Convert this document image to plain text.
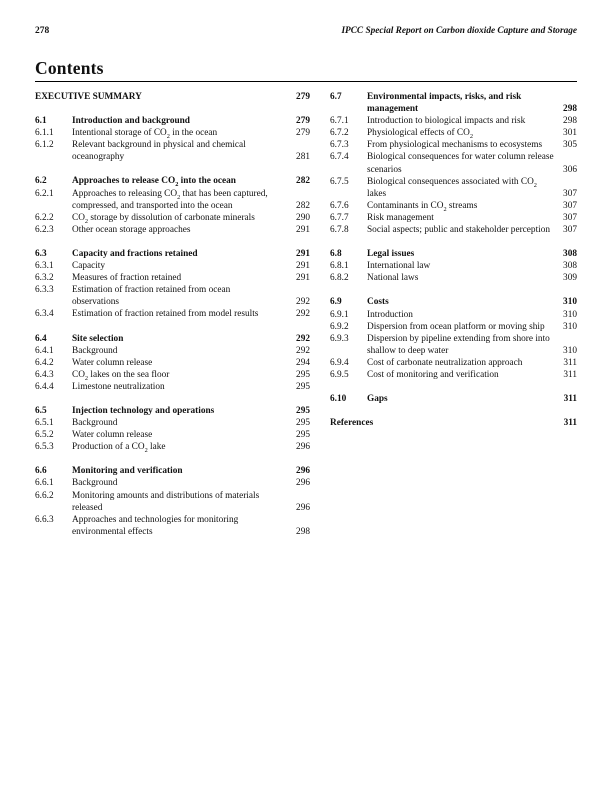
278	IPCC Special Report on Carbon dioxide Capture and Storage
Contents
EXECUTIVE SUMMARY	279
6.1	Introduction and background	279
6.1.1	Intentional storage of $CO_2$ in the ocean	279
6.1.2	Relevant background in physical and chemical
oceanography	281
6.2	Approaches to release $CO_2$ into the ocean	282
6.2.1	Approaches to releasing $CO_2$ that has been captured,
compressed, and transported into the ocean	282
6.2.2	$CO_2$ storage by dissolution of carbonate minerals	290
6.2.3	Other ocean storage approaches	291
6.3	Capacity and fractions retained	291
6.3.1	Capacity	291
6.3.2	Measures of fraction retained	291
6.3.3	Estimation of fraction retained from ocean
observations	292
6.3.4	Estimation of fraction retained from model results	292
6.4	Site selection	292
6.4.1	Background	292
6.4.2	Water column release	294
6.4.3	$CO_2$ lakes on the sea floor	295
6.4.4	Limestone neutralization	295
6.5	Injection technology and operations	295
6.5.1	Background	295
6.5.2	Water column release	295
6.5.3	Production of a $CO_2$ lake	296
6.6	Monitoring and verification	296
6.6.1	Background	296
6.6.2	Monitoring amounts and distributions of materials
released	296
6.6.3	Approaches and technologies for monitoring
environmental effects	298
6.7	Environmental impacts, risks, and risk
management	298
6.7.1	Introduction to biological impacts and risk	298
6.7.2	Physiological effects of $CO_2$	301
6.7.3	From physiological mechanisms to ecosystems	305
6.7.4	Biological consequences for water column release
scenarios	306
6.7.5	Biological consequences associated with $CO_2$
lakes	307
6.7.6	Contaminants in $CO_2$ streams	307
6.7.7	Risk management	307
6.7.8	Social aspects; public and stakeholder perception	307
6.8	Legal issues	308
6.8.1	International law	308
6.8.2	National laws	309
6.9	Costs	310
6.9.1	Introduction	310
6.9.2	Dispersion from ocean platform or moving ship	310
6.9.3	Dispersion by pipeline extending from shore into
shallow to deep water	310
6.9.4	Cost of carbonate neutralization approach	311
6.9.5	Cost of monitoring and verification	311
6.10	Gaps	311
References	311
